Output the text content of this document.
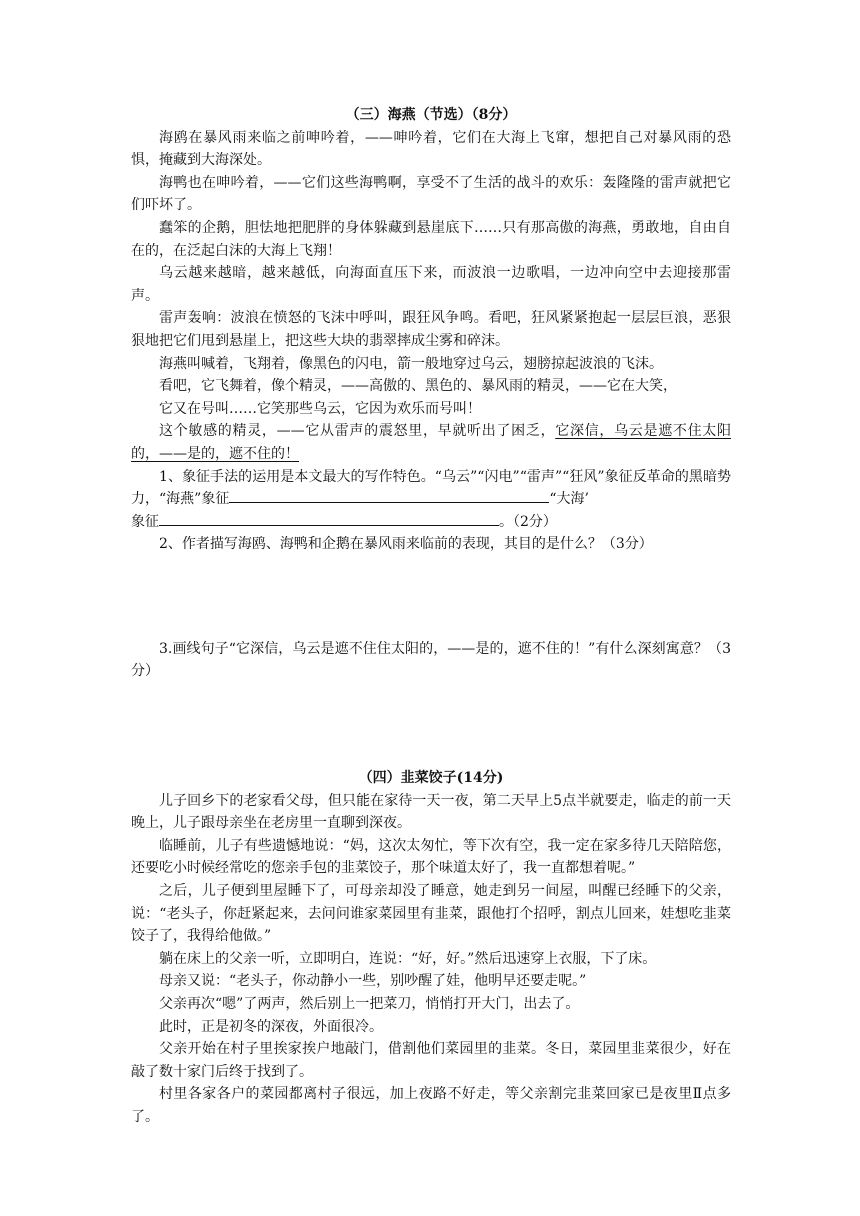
（三）海燕（节选）（8分）

海鸥在暴风雨来临之前呻吟着，——呻吟着，它们在大海上飞窜，想把自己对暴风雨的恐惧，掩藏到大海深处。

海鸭也在呻吟着，——它们这些海鸭啊，享受不了生活的战斗的欢乐：轰隆隆的雷声就把它们吓坏了。

蠢笨的企鹅，胆怯地把肥胖的身体躲藏到悬崖底下……只有那高傲的海燕，勇敢地，自由自在的，在泛起白沫的大海上飞翔！

乌云越来越暗，越来越低，向海面直压下来，而波浪一边歌唱，一边冲向空中去迎接那雷声。

雷声轰响：波浪在愤怒的飞沫中呼叫，跟狂风争鸣。看吧，狂风紧紧抱起一层层巨浪，恶狠狠地把它们甩到悬崖上，把这些大块的翡翠摔成尘雾和碎沫。

海燕叫喊着，飞翔着，像黑色的闪电，箭一般地穿过乌云，翅膀掠起波浪的飞沫。

看吧，它飞舞着，像个精灵，——高傲的、黑色的、暴风雨的精灵，——它在大笑，

它又在号叫……它笑那些乌云，它因为欢乐而号叫！

这个敏感的精灵，——它从雷声的震怒里，早就听出了困乏，它深信，乌云是遮不住太阳的，——是的，遮不住的！

1、象征手法的运用是本文最大的写作特色。“乌云”“闪电”“雷声”“狂风”象征反革命的黑暗势力，“海燕”象征	“大海’

象征	。（2分）

2、作者描写海鸥、海鸭和企鹅在暴风雨来临前的表现，其目的是什么？（3分）

3.画线句子“它深信，乌云是遮不住住太阳的，——是的，遮不住的！”有什么深刻寓意？（3分）

（四）韭菜饺子(14分)

儿子回乡下的老家看父母，但只能在家待一天一夜，第二天早上5点半就要走，临走的前一天晚上，儿子跟母亲坐在老房里一直聊到深夜。

临睡前，儿子有些遗憾地说：“妈，这次太匆忙，等下次有空，我一定在家多待几天陪陪您，还要吃小时候经常吃的您亲手包的韭菜饺子，那个味道太好了，我一直都想着呢。”

之后，儿子便到里屋睡下了，可母亲却没了睡意，她走到另一间屋，叫醒已经睡下的父亲，说：“老头子，你赶紧起来，去问问谁家菜园里有韭菜，跟他打个招呼，割点儿回来，娃想吃韭菜饺子了，我得给他做。”

躺在床上的父亲一听，立即明白，连说：“好，好。”然后迅速穿上衣服，下了床。

母亲又说：“老头子，你动静小一些，别吵醒了娃，他明早还要走呢。”

父亲再次“嗯”了两声，然后别上一把菜刀，悄悄打开大门，出去了。

此时，正是初冬的深夜，外面很冷。

父亲开始在村子里挨家挨户地敲门，借割他们菜园里的韭菜。冬日，菜园里韭菜很少，好在敲了数十家门后终于找到了。

村里各家各户的菜园都离村子很远，加上夜路不好走，等父亲割完韭菜回家已是夜里Ⅱ点多了。
